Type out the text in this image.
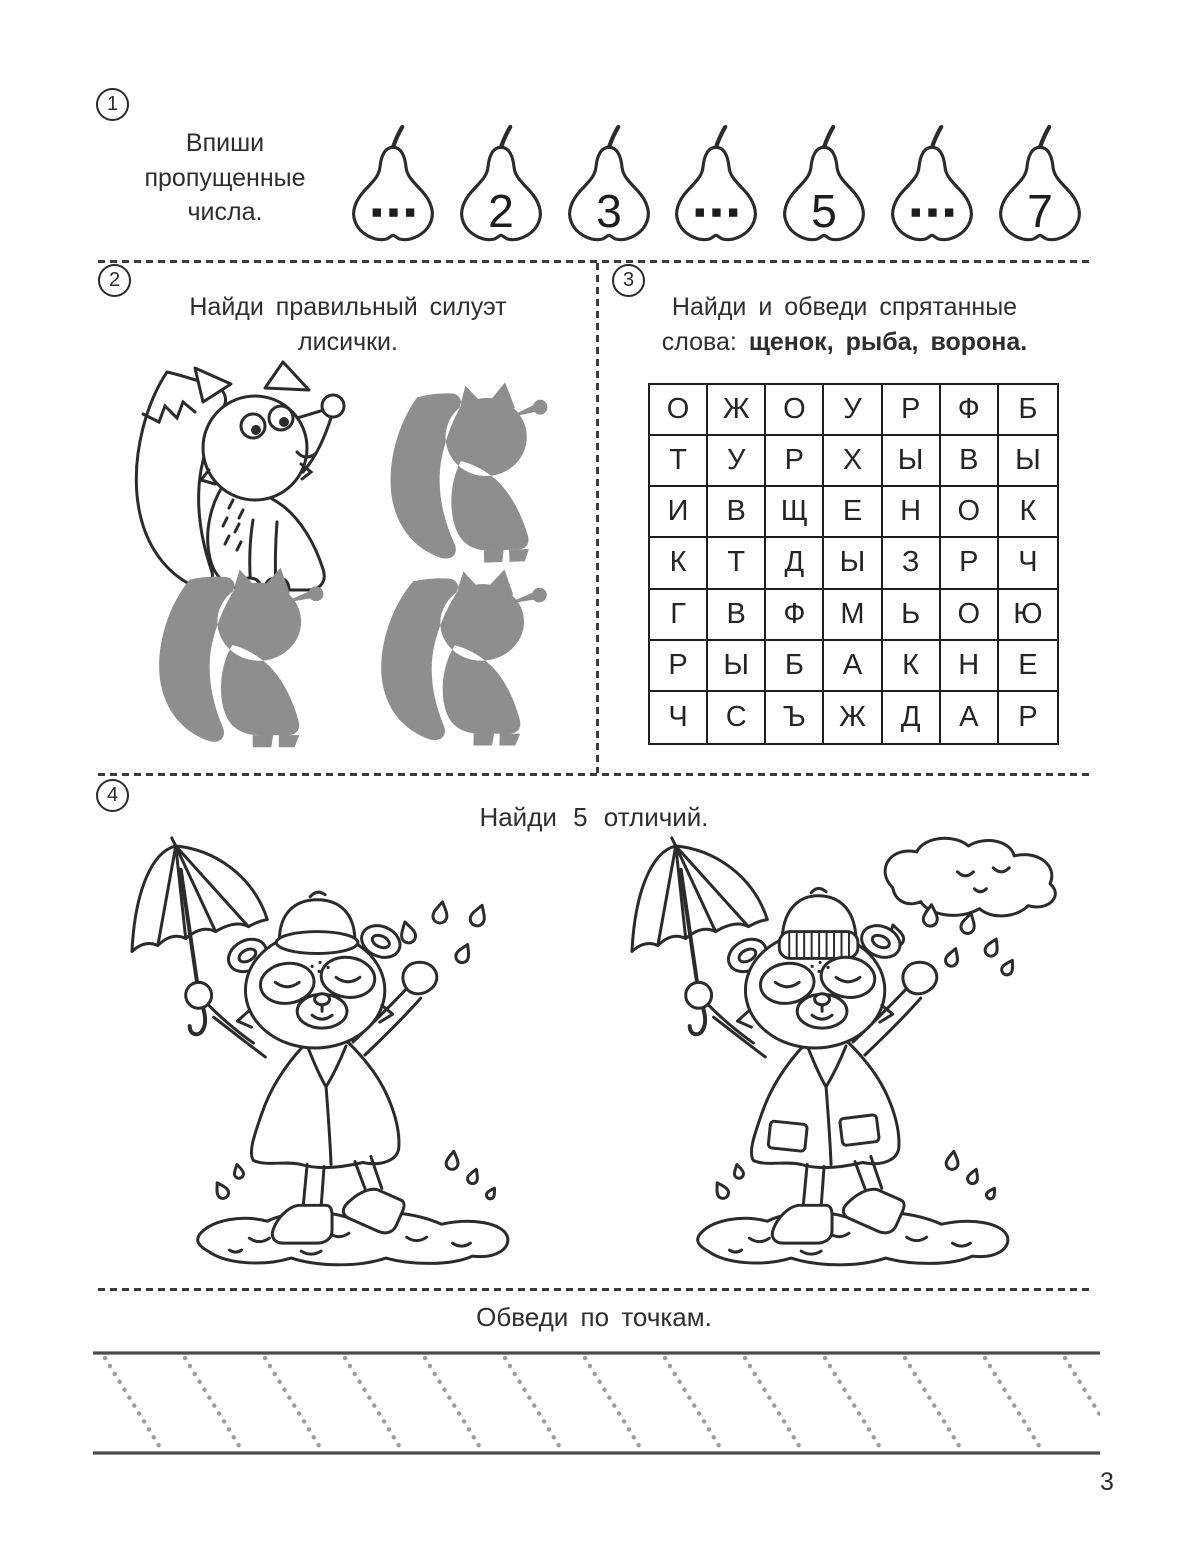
1
Впиши
пропущенные
числа.	2 3	5	7
2
Найди правильный силуэт
лисички.
3
Найди и обведи спрятанные
слова: щенок, рыба, ворона.
О	Ж	О	У	Р	Ф	Б
Т	У	Р	Х	Ы	В	Ы
И	В	Щ	Е	Н	О	К
К	Т	Д	Ы	З	Р	Ч
Г	В	Ф	М	Ь	О	Ю
Р	Ы	Б	А	К	Н	Е
Ч	С	Ъ	Ж	Д	А	Р
4
Найди 5 отличий.
Обведи по точкам.
3
